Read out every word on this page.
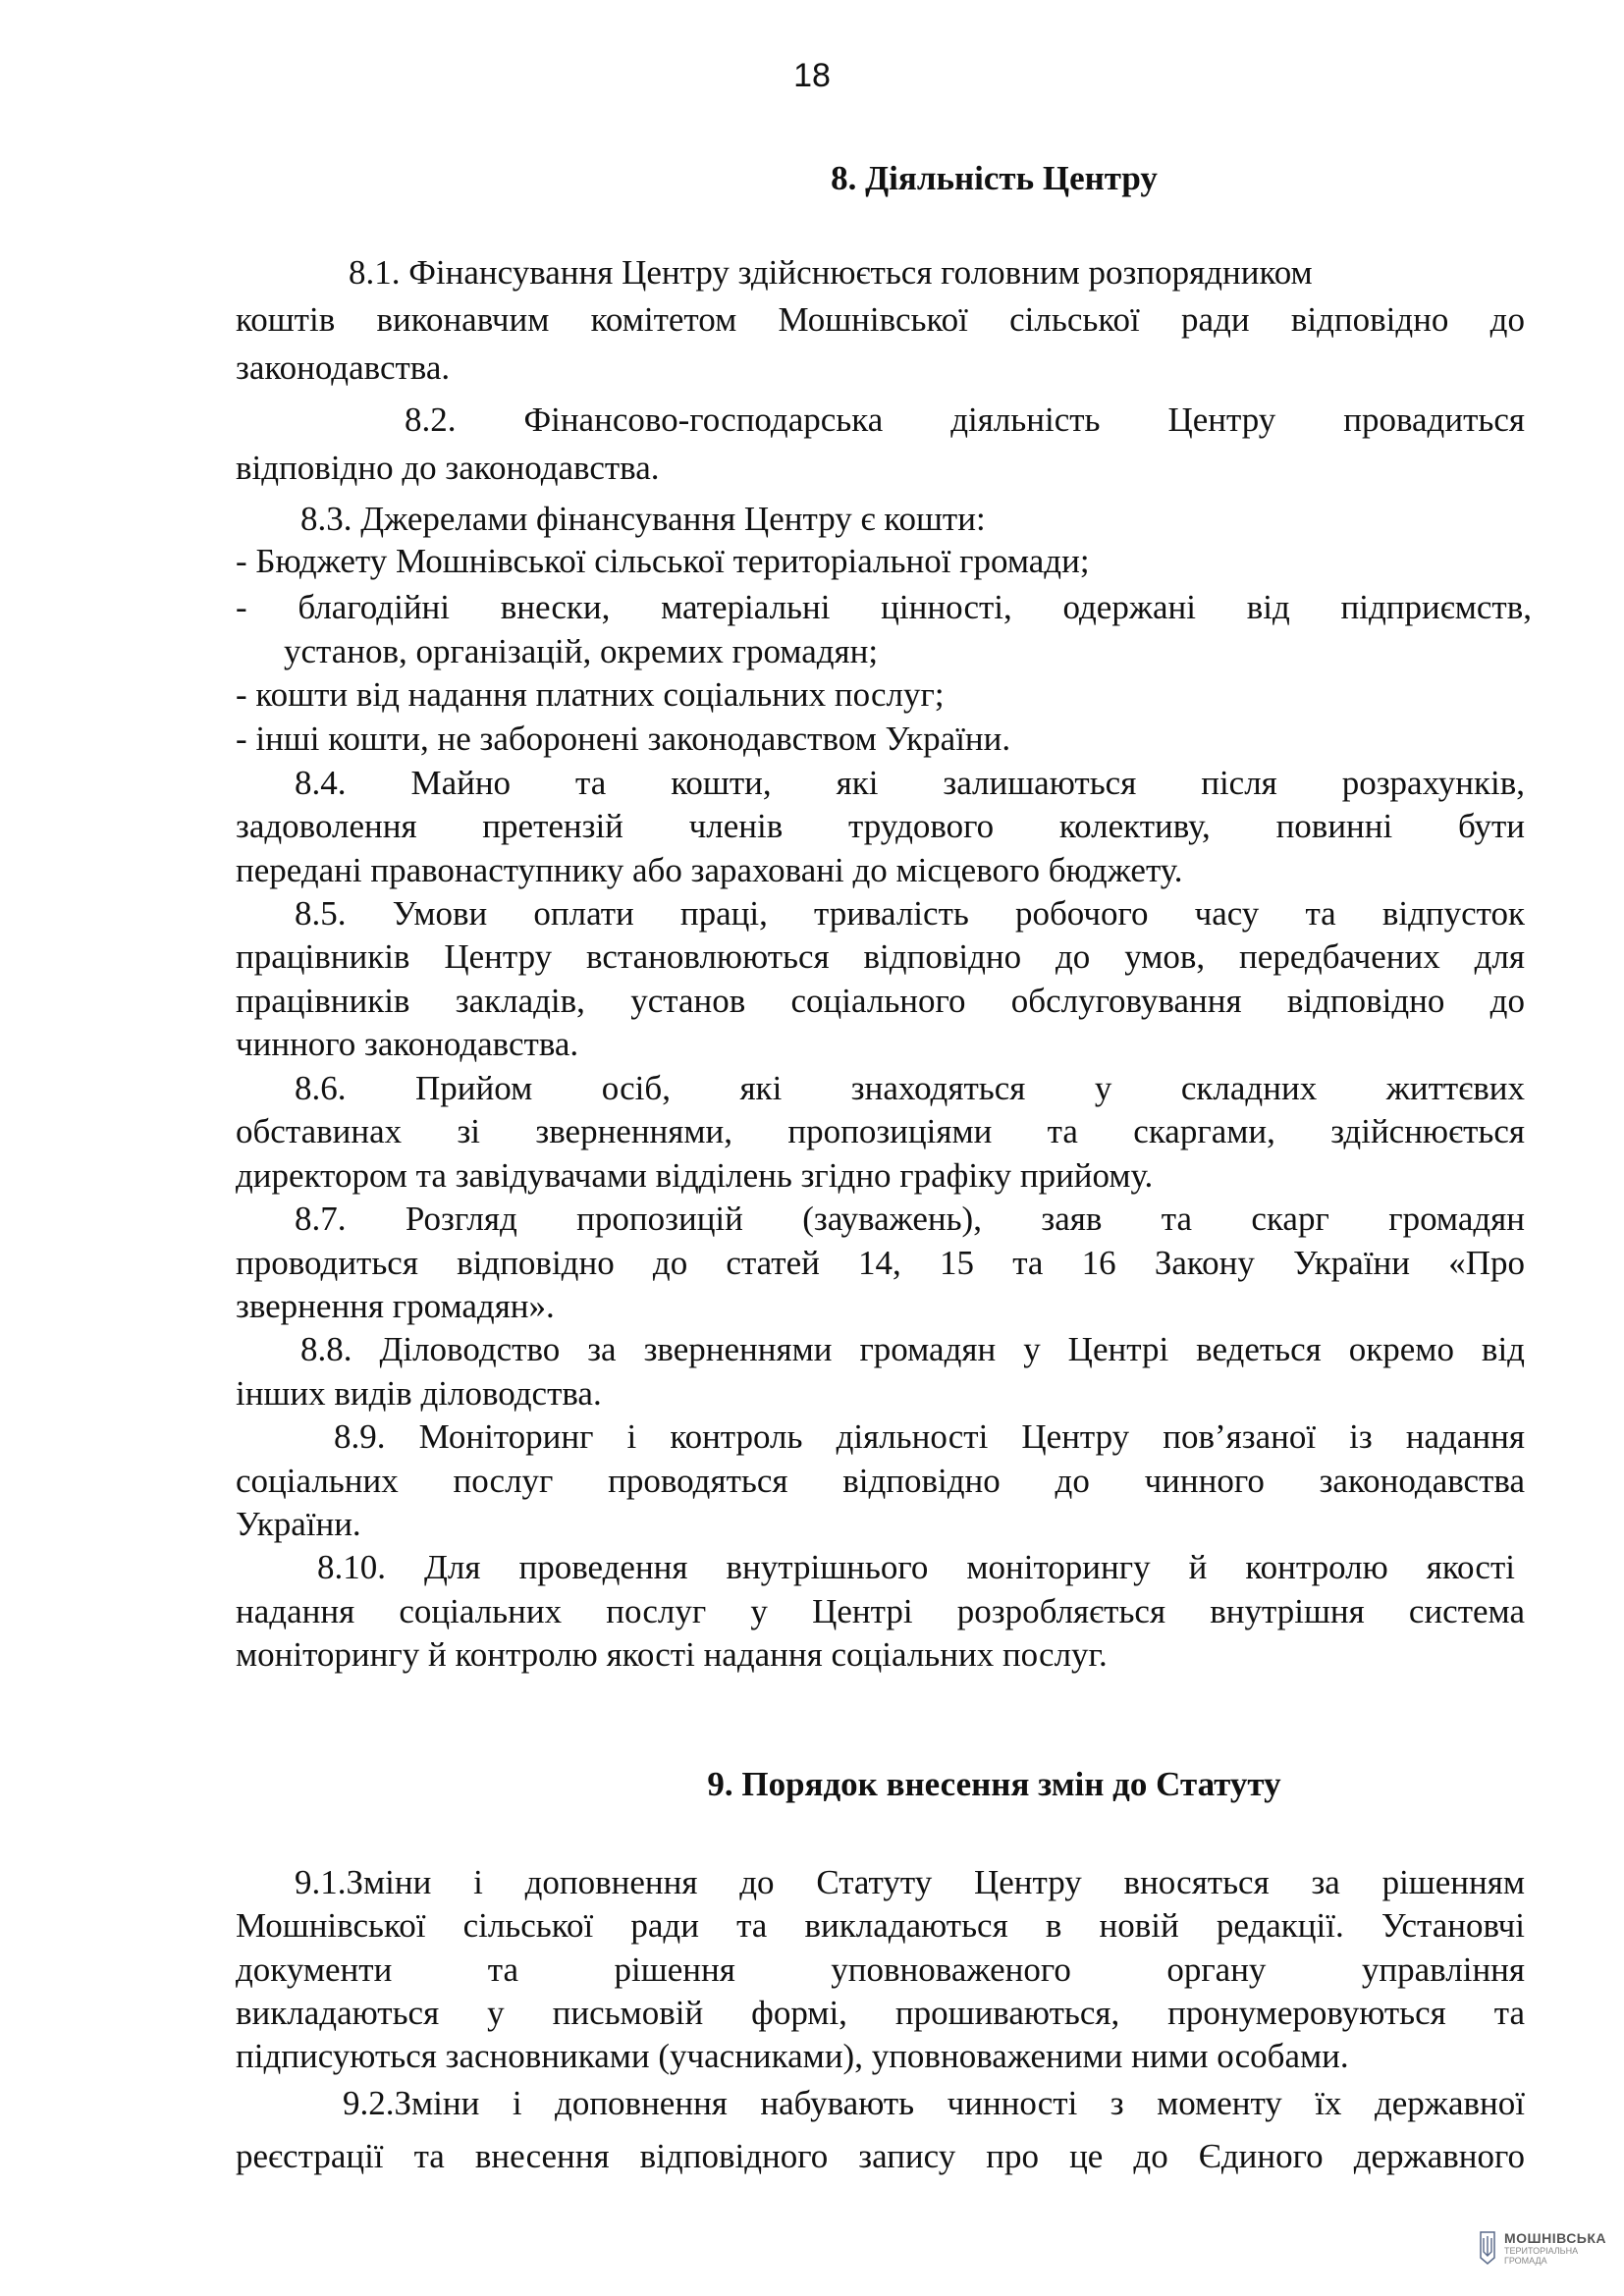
18
8. Діяльність Центру
8.1. Фінансування Центру здійснюється головним розпорядником
коштів виконавчим комітетом Мошнівської сільської ради відповідно до
законодавства.
8.2. Фінансово-господарська діяльність Центру провадиться
відповідно до законодавства.
8.3. Джерелами фінансування Центру є кошти:
- Бюджету Мошнівської сільської територіальної громади;
- благодійні внески, матеріальні цінності, одержані від підприємств,
установ, організацій, окремих громадян;
- кошти від надання платних соціальних послуг;
- інші кошти, не заборонені законодавством України.
8.4. Майно та кошти, які залишаються після розрахунків,
задоволення претензій членів трудового колективу, повинні бути
передані правонаступнику або зараховані до місцевого бюджету.
8.5. Умови оплати праці, тривалість робочого часу та відпусток
працівників Центру встановлюються відповідно до умов, передбачених для
працівників закладів, установ соціального обслуговування відповідно до
чинного законодавства.
8.6. Прийом осіб, які знаходяться у складних життєвих
обставинах зі зверненнями, пропозиціями та скаргами, здійснюється
директором та завідувачами відділень згідно графіку прийому.
8.7. Розгляд пропозицій (зауважень), заяв та скарг громадян
проводиться відповідно до статей 14, 15 та 16 Закону України «Про
звернення громадян».
8.8. Діловодство за зверненнями громадян у Центрі ведеться окремо від
інших видів діловодства.
8.9. Моніторинг і контроль діяльності Центру пов’язаної із надання
соціальних послуг проводяться відповідно до чинного законодавства
України.
8.10. Для проведення внутрішнього моніторингу й контролю якості
надання соціальних послуг у Центрі розробляється внутрішня система
моніторингу й контролю якості надання соціальних послуг.
9. Порядок внесення змін до Статуту
9.1.Зміни і доповнення до Статуту Центру вносяться за рішенням
Мошнівської сільської ради та викладаються в новій редакції. Установчі
документи та рішення уповноваженого органу управління
викладаються у письмовій формі, прошиваються, пронумеровуються та
підписуються засновниками (учасниками), уповноваженими ними особами.
9.2.Зміни і доповнення набувають чинності з моменту їх державної
реєстрації та внесення відповідного запису про це до Єдиного державного
МОШНІВСЬКА
ТЕРИТОРІАЛЬНА
ГРОМАДА
